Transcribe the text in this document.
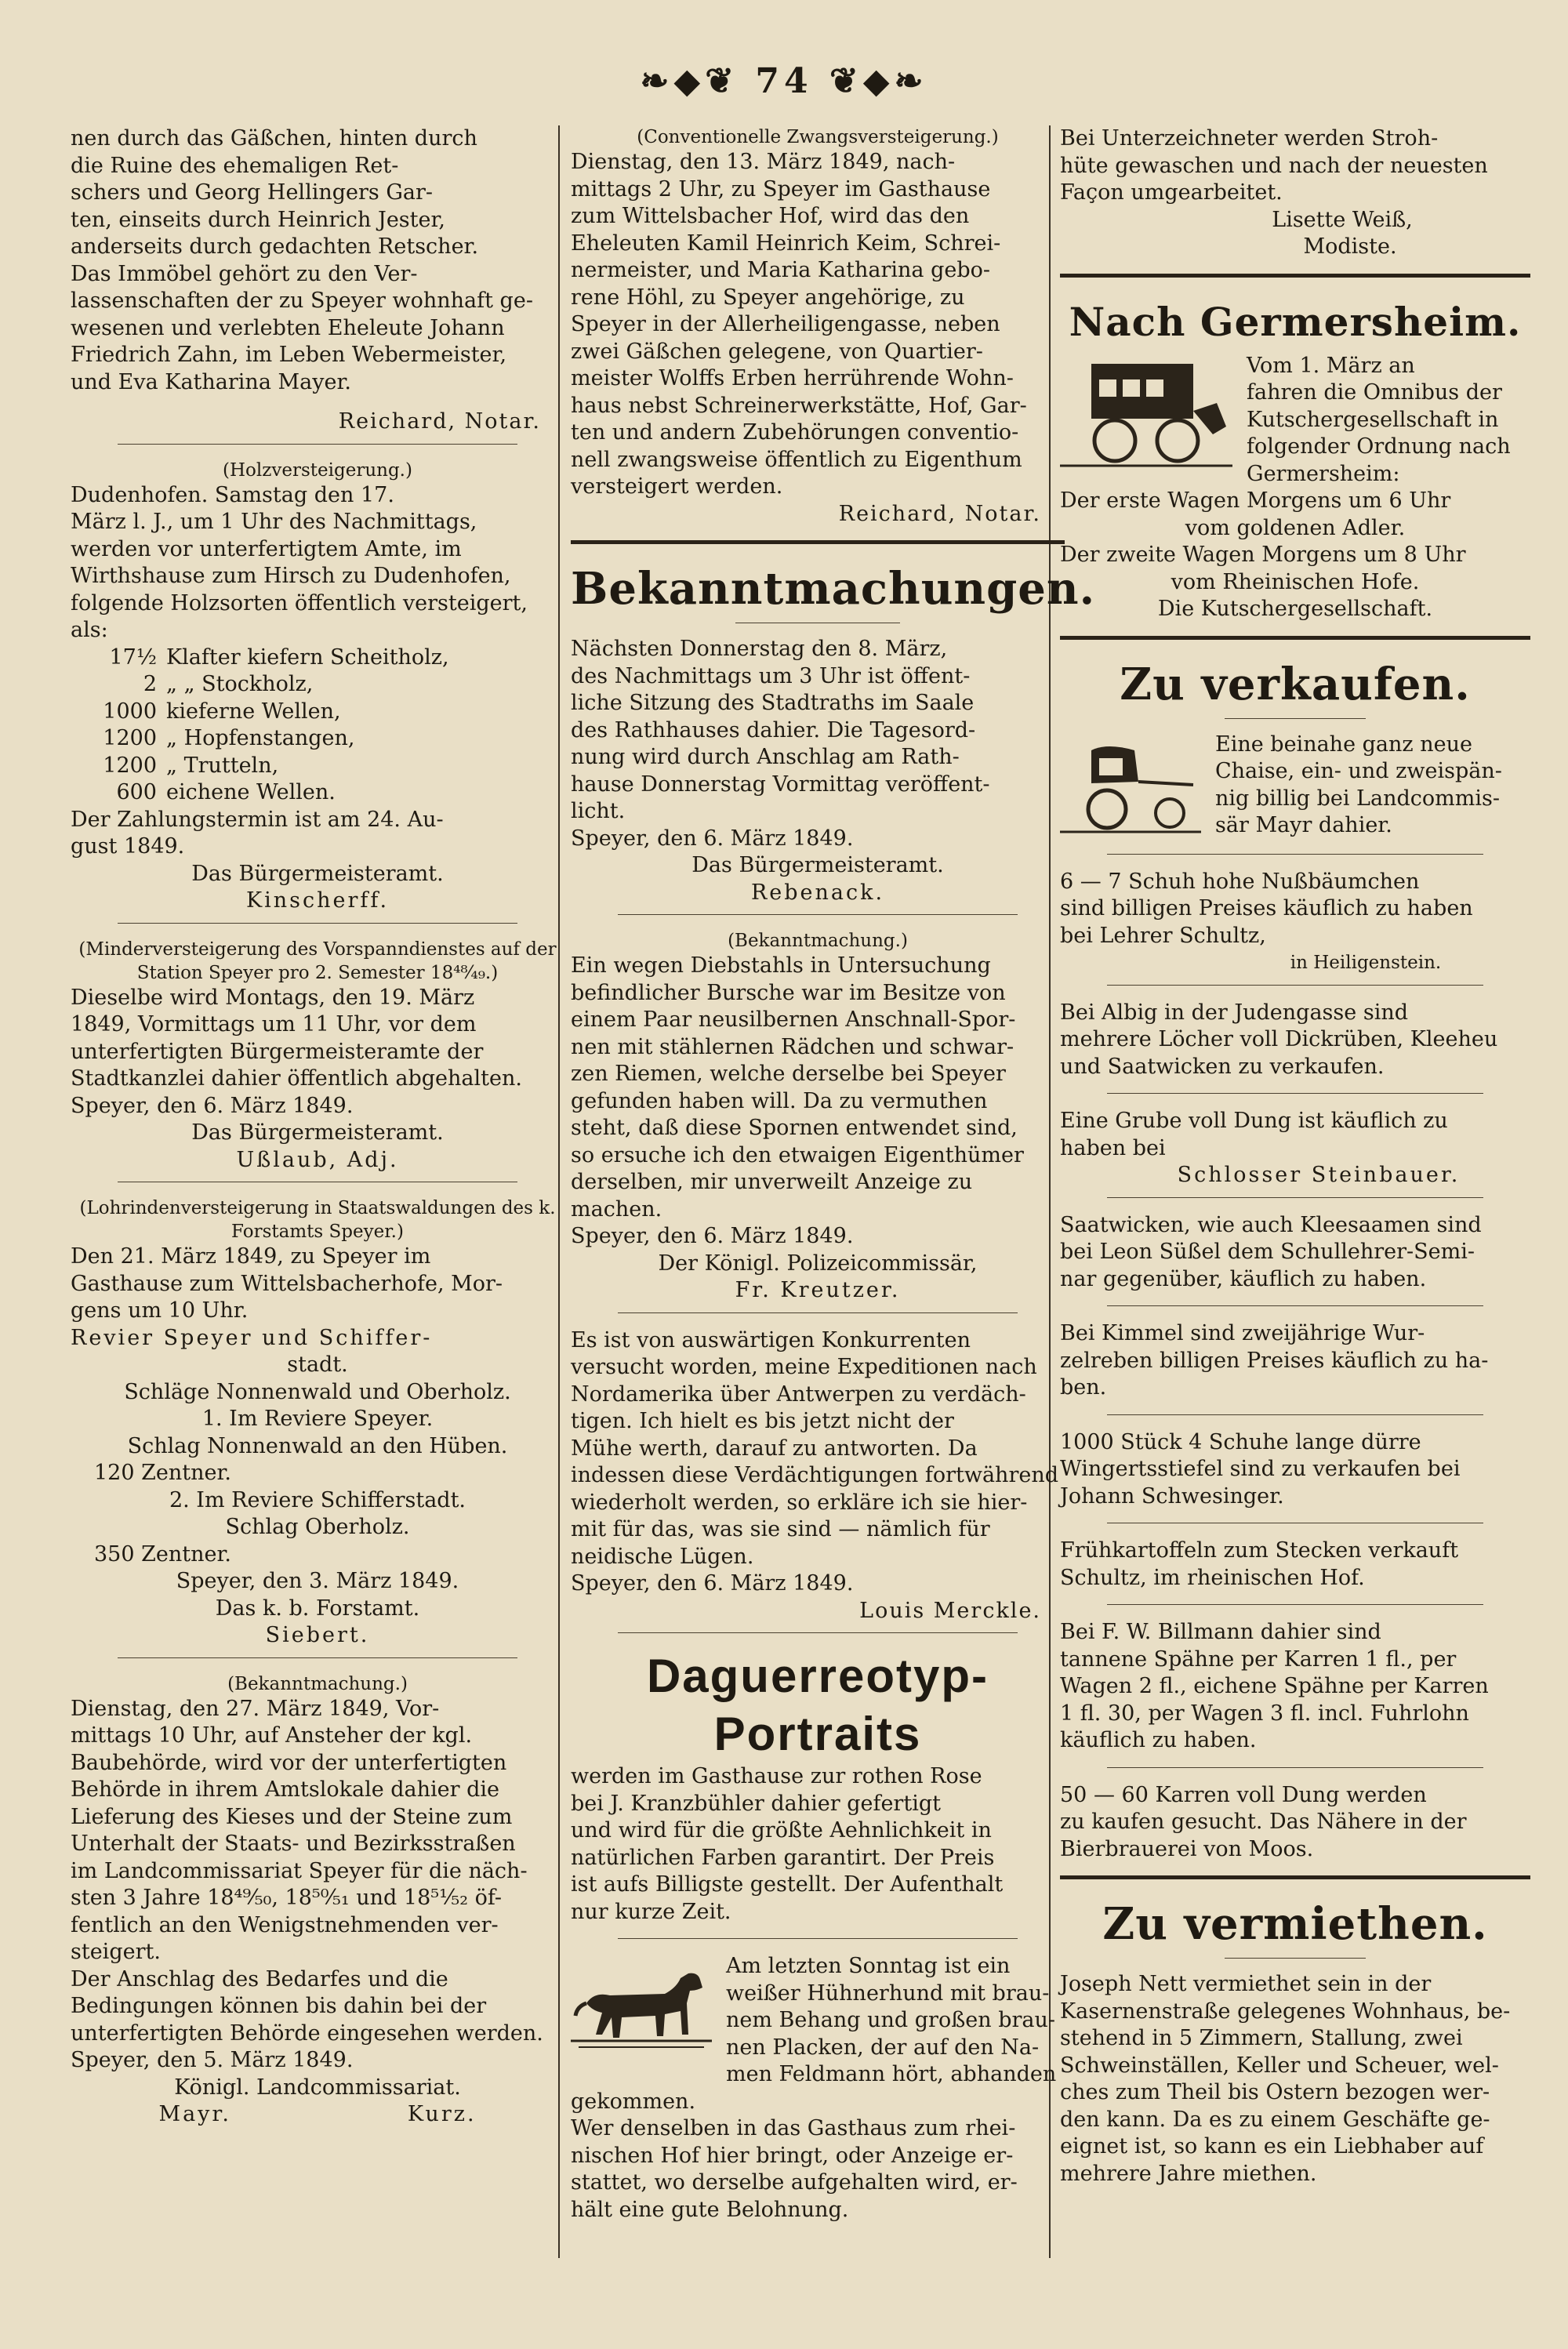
❧◆❦ 74 ❦◆❧
nen durch das Gäßchen, hinten durch
die Ruine des ehemaligen Ret-
schers und Georg Hellingers Gar-
ten, einseits durch Heinrich Jester,
anderseits durch gedachten Retscher.
Das Immöbel gehört zu den Ver-
lassenschaften der zu Speyer wohnhaft ge-
wesenen und verlebten Eheleute Johann
Friedrich Zahn, im Leben Webermeister,
und Eva Katharina Mayer.
Reichard, Notar.
(Holzversteigerung.)
Dudenhofen. Samstag den 17.
März l. J., um 1 Uhr des Nachmittags,
werden vor unterfertigtem Amte, im
Wirthshause zum Hirsch zu Dudenhofen,
folgende Holzsorten öffentlich versteigert,
als:
17½ Klafter kiefern Scheitholz,
2 „ „ Stockholz,
1000 kieferne Wellen,
1200 „ Hopfenstangen,
1200 „ Trutteln,
600 eichene Wellen.
Der Zahlungstermin ist am 24. Au-
gust 1849.
Das Bürgermeisteramt.
Kinscherff.
(Minderversteigerung des Vorspanndienstes auf der Station Speyer pro 2. Semester 18⁴⁸⁄₄₉.)
Dieselbe wird Montags, den 19. März
1849, Vormittags um 11 Uhr, vor dem
unterfertigten Bürgermeisteramte der
Stadtkanzlei dahier öffentlich abgehalten.
Speyer, den 6. März 1849.
Das Bürgermeisteramt.
Ußlaub, Adj.
(Lohrindenversteigerung in Staatswaldungen des k. Forstamts Speyer.)
Den 21. März 1849, zu Speyer im
Gasthause zum Wittelsbacherhofe, Mor-
gens um 10 Uhr.
Revier Speyer und Schiffer-
stadt.
Schläge Nonnenwald und Oberholz.
1. Im Reviere Speyer.
Schlag Nonnenwald an den Hüben.
120 Zentner.
2. Im Reviere Schifferstadt.
Schlag Oberholz.
350 Zentner.
Speyer, den 3. März 1849.
Das k. b. Forstamt.
Siebert.
(Bekanntmachung.)
Dienstag, den 27. März 1849, Vor-
mittags 10 Uhr, auf Ansteher der kgl.
Baubehörde, wird vor der unterfertigten
Behörde in ihrem Amtslokale dahier die
Lieferung des Kieses und der Steine zum
Unterhalt der Staats- und Bezirksstraßen
im Landcommissariat Speyer für die näch-
sten 3 Jahre 18⁴⁹⁄₅₀, 18⁵⁰⁄₅₁ und 18⁵¹⁄₅₂ öf-
fentlich an den Wenigstnehmenden ver-
steigert.
Der Anschlag des Bedarfes und die
Bedingungen können bis dahin bei der
unterfertigten Behörde eingesehen werden.
Speyer, den 5. März 1849.
Königl. Landcommissariat.
Mayr.	Kurz.
(Conventionelle Zwangsversteigerung.)
Dienstag, den 13. März 1849, nach-
mittags 2 Uhr, zu Speyer im Gasthause
zum Wittelsbacher Hof, wird das den
Eheleuten Kamil Heinrich Keim, Schrei-
nermeister, und Maria Katharina gebo-
rene Höhl, zu Speyer angehörige, zu
Speyer in der Allerheiligengasse, neben
zwei Gäßchen gelegene, von Quartier-
meister Wolffs Erben herrührende Wohn-
haus nebst Schreinerwerkstätte, Hof, Gar-
ten und andern Zubehörungen conventio-
nell zwangsweise öffentlich zu Eigenthum
versteigert werden.
Reichard, Notar.
Bekanntmachungen.
Nächsten Donnerstag den 8. März,
des Nachmittags um 3 Uhr ist öffent-
liche Sitzung des Stadtraths im Saale
des Rathhauses dahier. Die Tagesord-
nung wird durch Anschlag am Rath-
hause Donnerstag Vormittag veröffent-
licht.
Speyer, den 6. März 1849.
Das Bürgermeisteramt.
Rebenack.
(Bekanntmachung.)
Ein wegen Diebstahls in Untersuchung
befindlicher Bursche war im Besitze von
einem Paar neusilbernen Anschnall-Spor-
nen mit stählernen Rädchen und schwar-
zen Riemen, welche derselbe bei Speyer
gefunden haben will. Da zu vermuthen
steht, daß diese Spornen entwendet sind,
so ersuche ich den etwaigen Eigenthümer
derselben, mir unverweilt Anzeige zu
machen.
Speyer, den 6. März 1849.
Der Königl. Polizeicommissär,
Fr. Kreutzer.
Es ist von auswärtigen Konkurrenten
versucht worden, meine Expeditionen nach
Nordamerika über Antwerpen zu verdäch-
tigen. Ich hielt es bis jetzt nicht der
Mühe werth, darauf zu antworten. Da
indessen diese Verdächtigungen fortwährend
wiederholt werden, so erkläre ich sie hier-
mit für das, was sie sind — nämlich für
neidische Lügen.
Speyer, den 6. März 1849.
Louis Merckle.
Daguerreotyp-
Portraits
werden im Gasthause zur rothen Rose
bei J. Kranzbühler dahier gefertigt
und wird für die größte Aehnlichkeit in
natürlichen Farben garantirt. Der Preis
ist aufs Billigste gestellt. Der Aufenthalt
nur kurze Zeit.
Am letzten Sonntag ist ein
weißer Hühnerhund mit brau-
nem Behang und großen brau-
nen Placken, der auf den Na-
men Feldmann hört, abhanden gekommen.
Wer denselben in das Gasthaus zum rhei-
nischen Hof hier bringt, oder Anzeige er-
stattet, wo derselbe aufgehalten wird, er-
hält eine gute Belohnung.
Bei Unterzeichneter werden Stroh-
hüte gewaschen und nach der neuesten
Façon umgearbeitet.
Lisette Weiß,
Modiste.
Nach Germersheim.
Vom 1. März an
fahren die Omnibus der
Kutschergesellschaft in
folgender Ordnung nach
Germersheim:
Der erste Wagen Morgens um 6 Uhr
vom goldenen Adler.
Der zweite Wagen Morgens um 8 Uhr
vom Rheinischen Hofe.
Die Kutschergesellschaft.
Zu verkaufen.
Eine beinahe ganz neue
Chaise, ein- und zweispän-
nig billig bei Landcommis-
sär Mayr dahier.
6 — 7 Schuh hohe Nußbäumchen
sind billigen Preises käuflich zu haben
bei Lehrer Schultz,
in Heiligenstein.
Bei Albig in der Judengasse sind
mehrere Löcher voll Dickrüben, Kleeheu
und Saatwicken zu verkaufen.
Eine Grube voll Dung ist käuflich zu
haben bei
Schlosser Steinbauer.
Saatwicken, wie auch Kleesaamen sind
bei Leon Süßel dem Schullehrer-Semi-
nar gegenüber, käuflich zu haben.
Bei Kimmel sind zweijährige Wur-
zelreben billigen Preises käuflich zu ha-
ben.
1000 Stück 4 Schuhe lange dürre
Wingertsstiefel sind zu verkaufen bei
Johann Schwesinger.
Frühkartoffeln zum Stecken verkauft
Schultz, im rheinischen Hof.
Bei F. W. Billmann dahier sind
tannene Spähne per Karren 1 fl., per
Wagen 2 fl., eichene Spähne per Karren
1 fl. 30, per Wagen 3 fl. incl. Fuhrlohn
käuflich zu haben.
50 — 60 Karren voll Dung werden
zu kaufen gesucht. Das Nähere in der
Bierbrauerei von Moos.
Zu vermiethen.
Joseph Nett vermiethet sein in der
Kasernenstraße gelegenes Wohnhaus, be-
stehend in 5 Zimmern, Stallung, zwei
Schweinställen, Keller und Scheuer, wel-
ches zum Theil bis Ostern bezogen wer-
den kann. Da es zu einem Geschäfte ge-
eignet ist, so kann es ein Liebhaber auf
mehrere Jahre miethen.
